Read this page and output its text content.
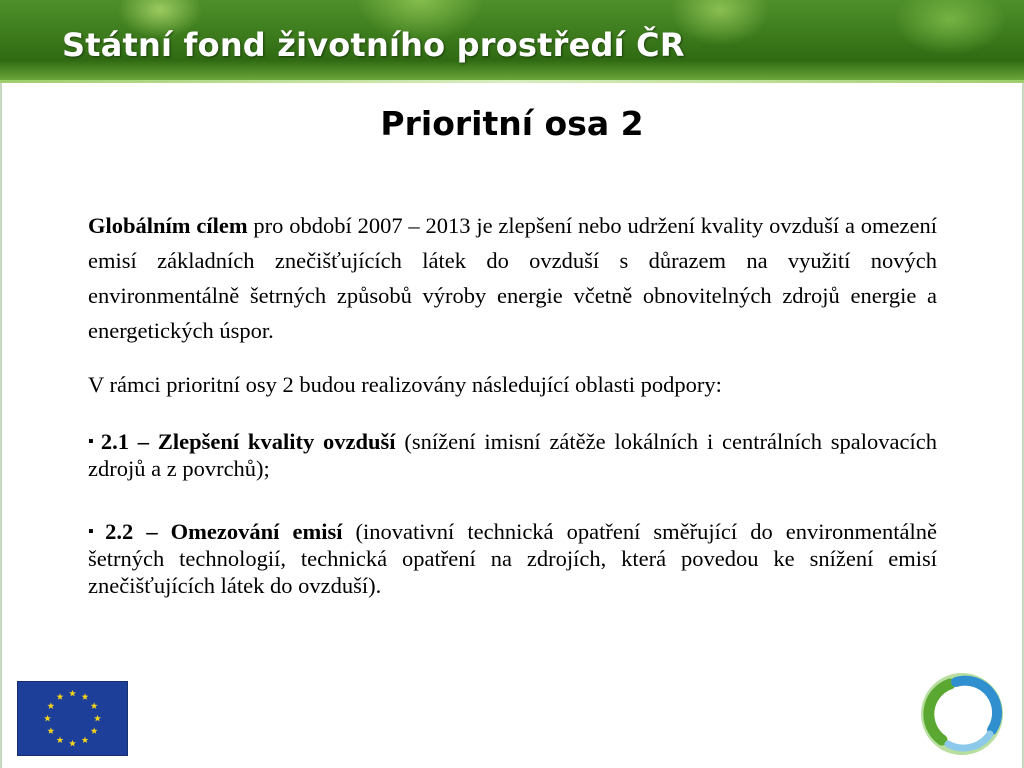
Státní fond životního prostředí ČR
Prioritní osa 2

Globálním cílem pro období 2007 – 2013 je zlepšení nebo udržení kvality ovzduší a omezení emisí základních znečišťujících látek do ovzduší s důrazem na využití nových environmentálně šetrných způsobů výroby energie včetně obnovitelných zdrojů energie a energetických úspor.

V rámci prioritní osy 2 budou realizovány následující oblasti podpory:

▪ 2.1 – Zlepšení kvality ovzduší (snížení imisní zátěže lokálních i centrálních spalovacích zdrojů a z povrchů);

▪ 2.2 – Omezování emisí (inovativní technická opatření směřující do environmentálně šetrných technologií, technická opatření na zdrojích, která povedou ke snížení emisí znečišťujících látek do ovzduší).
